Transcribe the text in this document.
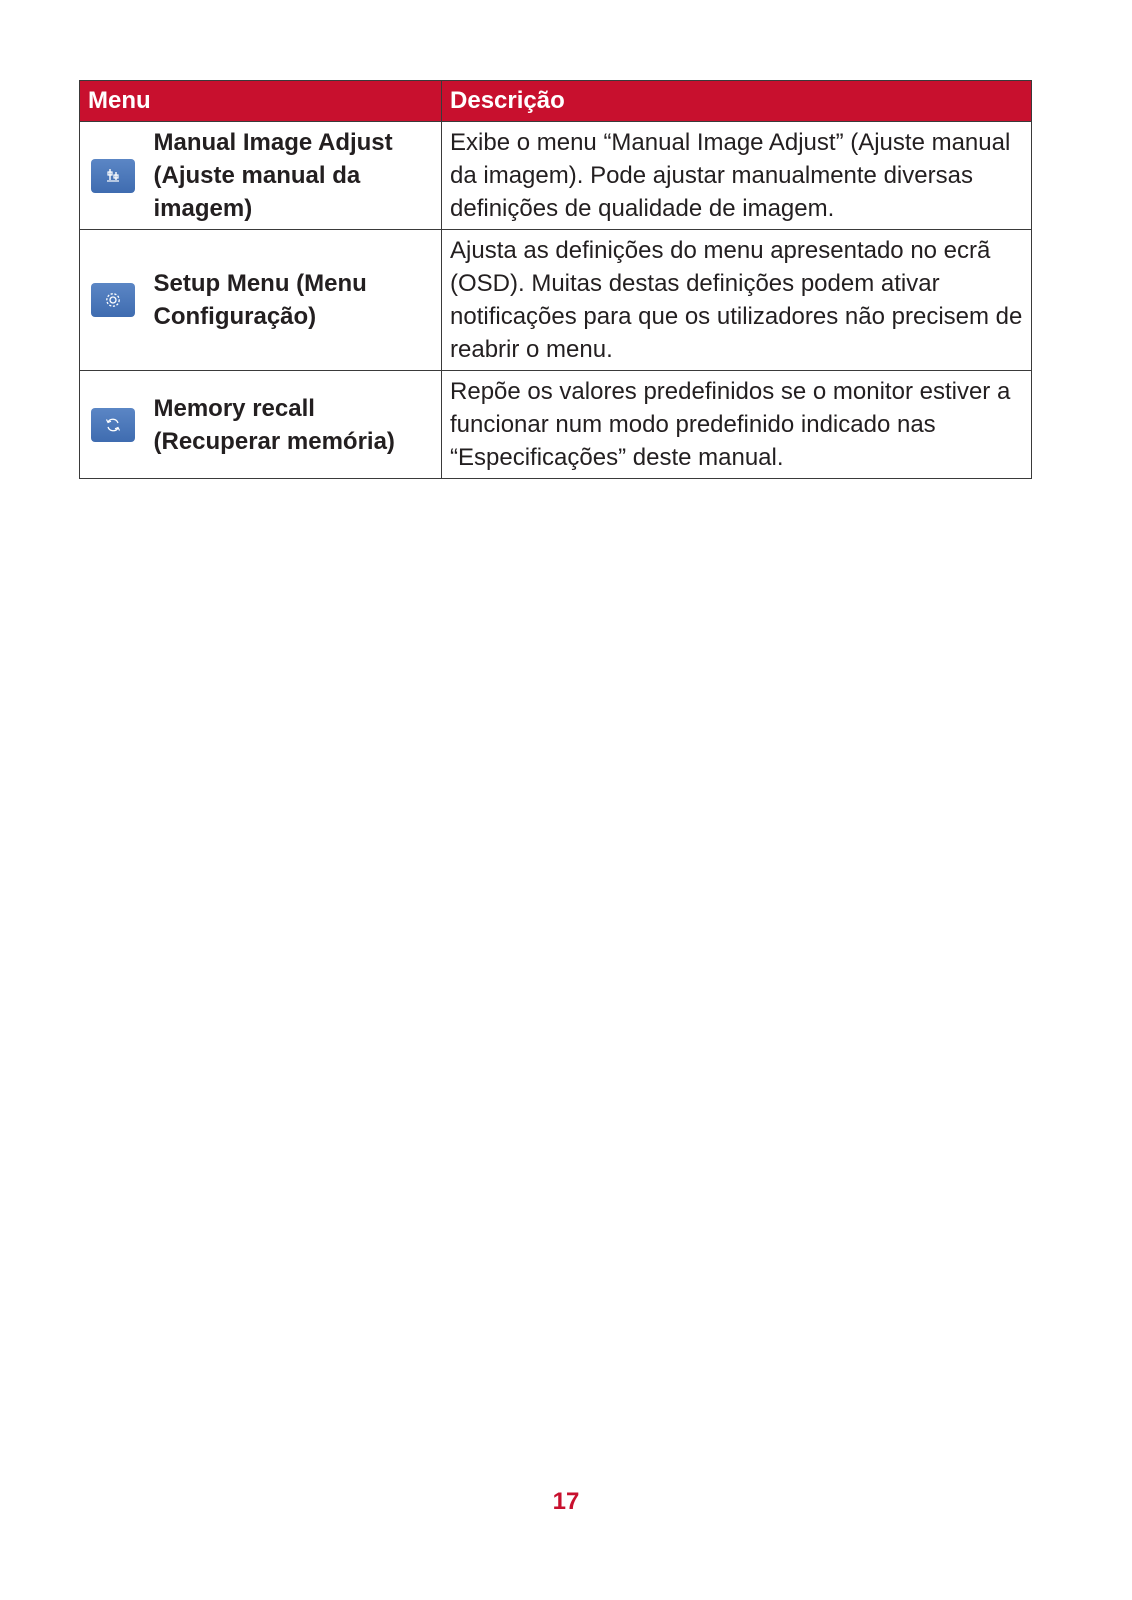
Menu		Descrição

	Manual Image Adjust (Ajuste manual da imagem)	Exibe o menu “Manual Image Adjust” (Ajuste manual da imagem). Pode ajustar manualmente diversas definições de qualidade de imagem.

	Setup Menu (Menu Configuração)	Ajusta as definições do menu apresentado no ecrã (OSD). Muitas destas definições podem ativar notificações para que os utilizadores não precisem de reabrir o menu.

	Memory recall (Recuperar memória)	Repõe os valores predefinidos se o monitor estiver a funcionar num modo predefinido indicado nas “Especificações” deste manual.
17
